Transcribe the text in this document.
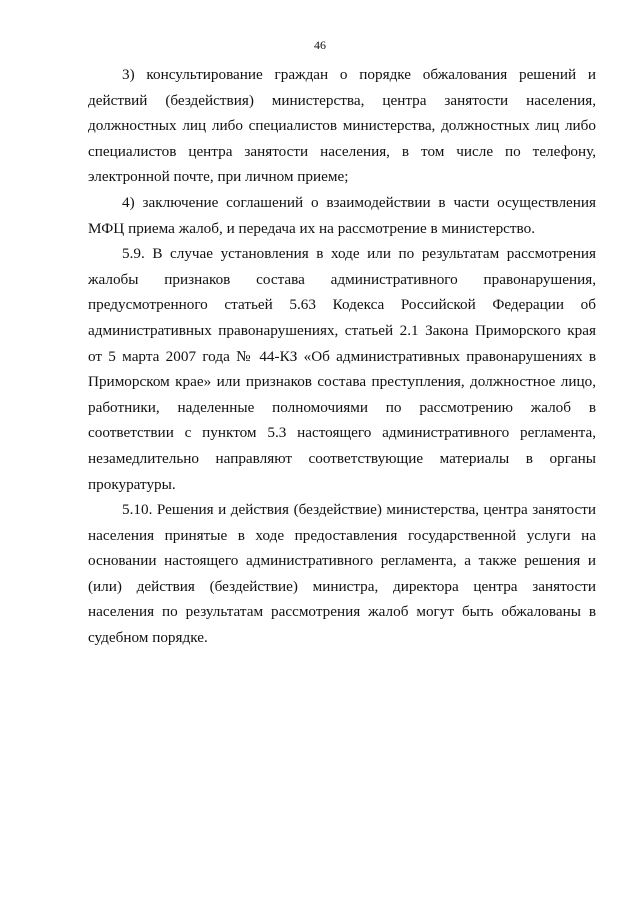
46

3) консультирование граждан о порядке обжалования решений и действий (бездействия) министерства, центра занятости населения, должностных лиц либо специалистов министерства, должностных лиц либо специалистов центра занятости населения, в том числе по телефону, электронной почте, при личном приеме;

4) заключение соглашений о взаимодействии в части осуществления МФЦ приема жалоб, и передача их на рассмотрение в министерство.

5.9. В случае установления в ходе или по результатам рассмотрения жалобы признаков состава административного правонарушения, предусмотренного статьей 5.63 Кодекса Российской Федерации об административных правонарушениях, статьей 2.1 Закона Приморского края от 5 марта 2007 года № 44-КЗ «Об административных правонарушениях в Приморском крае» или признаков состава преступления, должностное лицо, работники, наделенные полномочиями по рассмотрению жалоб в соответствии с пунктом 5.3 настоящего административного регламента, незамедлительно направляют соответствующие материалы в органы прокуратуры.

5.10. Решения и действия (бездействие) министерства, центра занятости населения принятые в ходе предоставления государственной услуги на основании настоящего административного регламента, а также решения и (или) действия (бездействие) министра, директора центра занятости населения по результатам рассмотрения жалоб могут быть обжалованы в судебном порядке.
